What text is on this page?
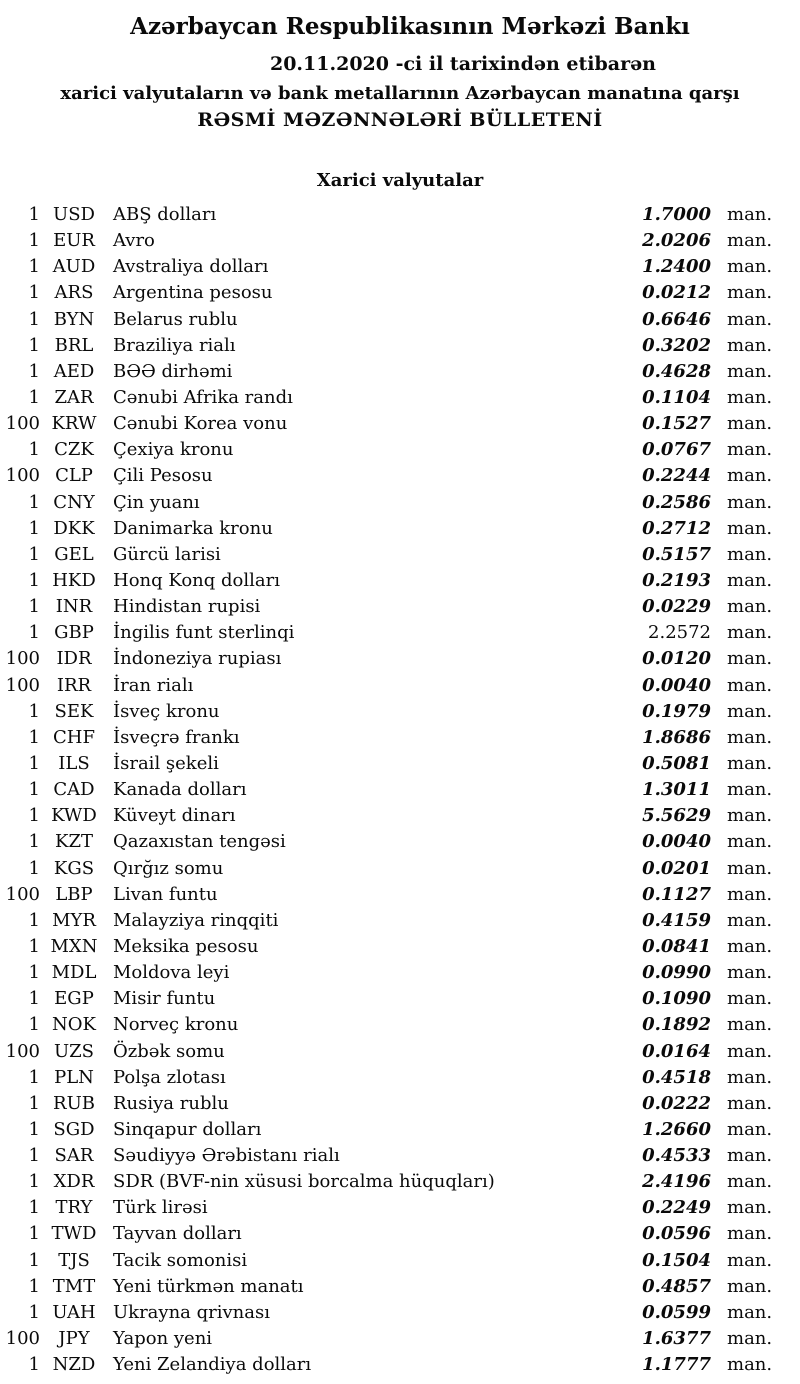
Azərbaycan Respublikasının Mərkəzi Bankı
20.11.2020 -ci il tarixindən etibarən
xarici valyutaların və bank metallarının Azərbaycan manatına qarşı
RƏSMİ MƏZƏNNƏLƏRİ BÜLLETENİ
Xarici valyutalar
1 USD	ABŞ dolları	1.7000 man.
1 EUR	Avro	2.0206 man.
1 AUD Avstraliya dolları	1.2400 man.
1 ARS	Argentina pesosu	0.0212 man.
1 BYN	Belarus rublu	0.6646 man.
1 BRL	Braziliya rialı	0.3202 man.
1 AED	BƏƏ dirhəmi	0.4628 man.
1 ZAR	Cənubi Afrika randı	0.1104 man.
100 KRW Cənubi Korea vonu	0.1527 man.
1 CZK	Çexiya kronu	0.0767 man.
100 CLP	Çili Pesosu	0.2244 man.
1 CNY	Çin yuanı	0.2586 man.
1 DKK	Danimarka kronu	0.2712 man.
1 GEL	Gürcü larisi	0.5157 man.
1 HKD Honq Konq dolları	0.2193 man.
1 INR	Hindistan rupisi	0.0229 man.
1 GBP	İngilis funt sterlinqi	2.2572 man.
100 IDR	İndoneziya rupiası	0.0120 man.
100 IRR	İran rialı	0.0040 man.
1 SEK	İsveç kronu	0.1979 man.
1 CHF	İsveçrə frankı	1.8686 man.
1	ILS	İsrail şekeli	0.5081 man.
1 CAD	Kanada dolları	1.3011 man.
1 KWD Küveyt dinarı	5.5629 man.
1 KZT	Qazaxıstan tengəsi	0.0040 man.
1 KGS	Qırğız somu	0.0201 man.
100 LBP	Livan funtu	0.1127 man.
1 MYR Malayziya rinqqiti	0.4159 man.
1 MXN Meksika pesosu	0.0841 man.
1 MDL Moldova leyi	0.0990 man.
1 EGP	Misir funtu	0.1090 man.
1 NOK Norveç kronu	0.1892 man.
100 UZS	Özbək somu	0.0164 man.
1 PLN	Polşa zlotası	0.4518 man.
1 RUB	Rusiya rublu	0.0222 man.
1 SGD	Sinqapur dolları	1.2660 man.
1 SAR	Səudiyyə Ərəbistanı rialı	0.4533 man.
1 XDR	SDR (BVF-nin xüsusi borcalma hüquqları)	2.4196 man.
1 TRY	Türk lirəsi	0.2249 man.
1 TWD Tayvan dolları	0.0596 man.
1	TJS	Tacik somonisi	0.1504 man.
1 TMT Yeni türkmən manatı	0.4857 man.
1 UAH Ukrayna qrivnası	0.0599 man.
100	JPY	Yapon yeni	1.6377 man.
1 NZD Yeni Zelandiya dolları	1.1777 man.
